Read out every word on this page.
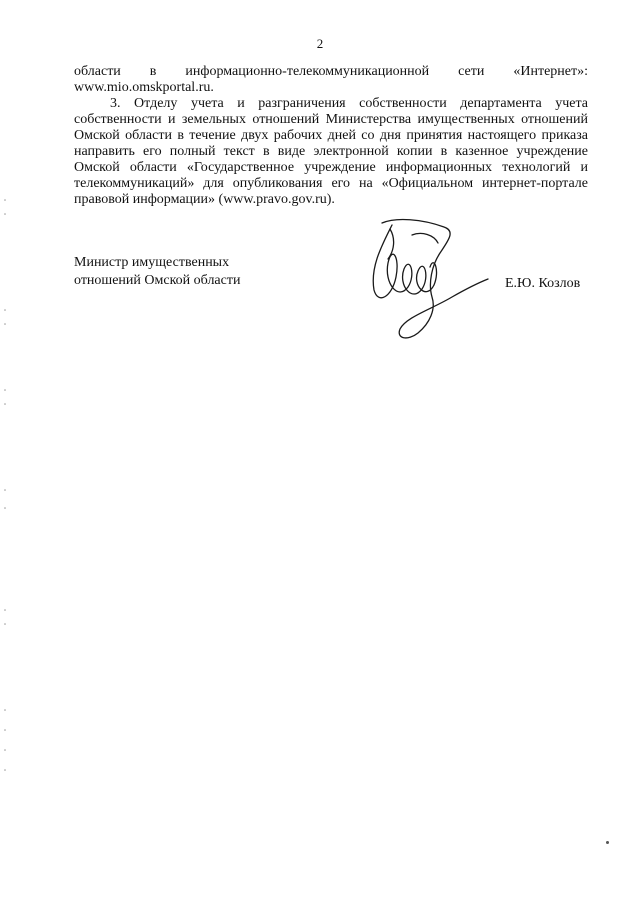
2

области в информационно-телекоммуникационной сети «Интернет»: www.mio.omskportal.ru.

3. Отделу учета и разграничения собственности департамента учета собственности и земельных отношений Министерства имущественных отношений Омской области в течение двух рабочих дней со дня принятия настоящего приказа направить его полный текст в виде электронной копии в казенное учреждение Омской области «Государственное учреждение информационных технологий и телекоммуникаций» для опубликования его на «Официальном интернет-портале правовой информации» (www.pravo.gov.ru).

Министр имущественных
отношений Омской области	Е.Ю. Козлов
